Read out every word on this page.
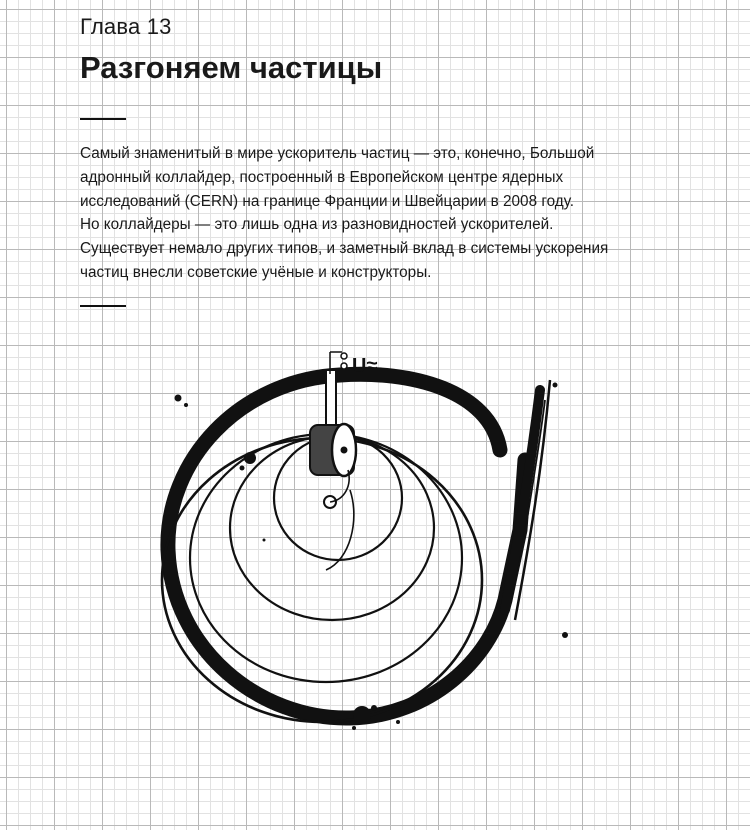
Глава 13
Разгоняем частицы
Самый знаменитый в мире ускоритель частиц — это, конечно, Большой
адронный коллайдер, построенный в Европейском центре ядерных
исследований (CERN) на границе Франции и Швейцарии в 2008 году.
Но коллайдеры — это лишь одна из разновидностей ускорителей.
Существует немало других типов, и заметный вклад в системы ускорения
частиц внесли советские учёные и конструкторы.
U≈
